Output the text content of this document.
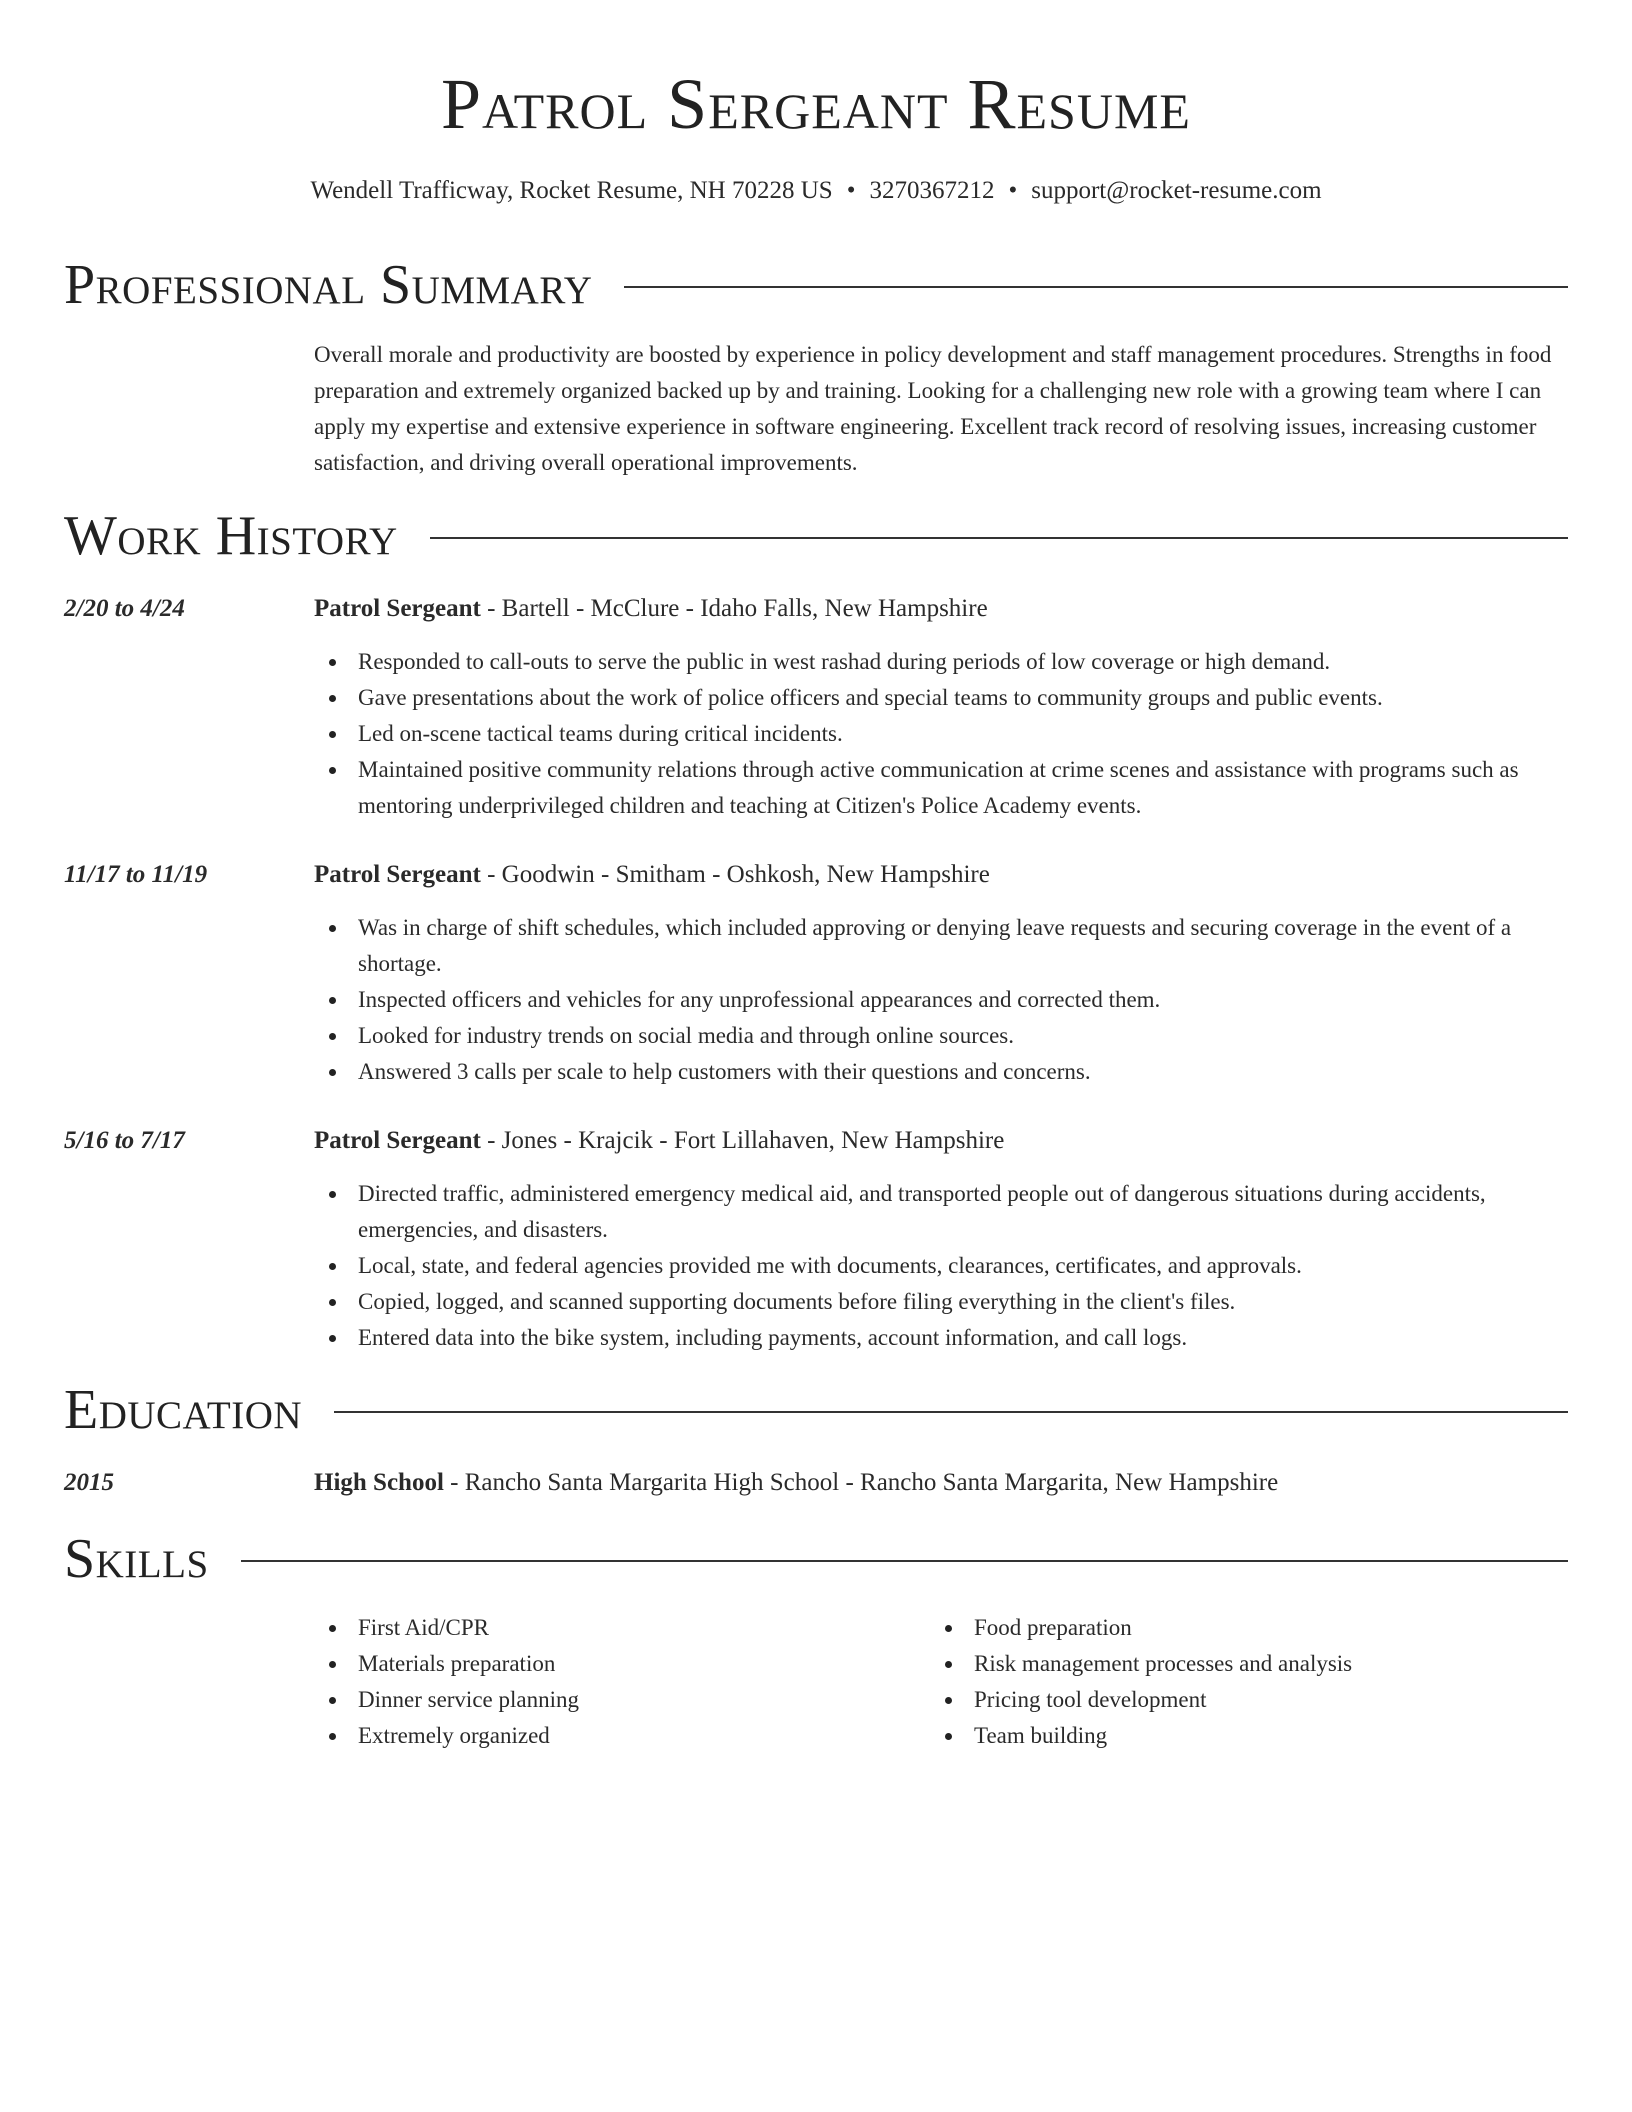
Patrol Sergeant Resume
Wendell Trafficway, Rocket Resume, NH 70228 US • 3270367212 • support@rocket-resume.com
Professional Summary

Overall morale and productivity are boosted by experience in policy development and staff management procedures. Strengths in food preparation and extremely organized backed up by and training. Looking for a challenging new role with a growing team where I can apply my expertise and extensive experience in software engineering. Excellent track record of resolving issues, increasing customer satisfaction, and driving overall operational improvements.

Work History
2/20 to 4/24	Patrol Sergeant - Bartell - McClure - Idaho Falls, New Hampshire
Responded to call-outs to serve the public in west rashad during periods of low coverage or high demand.
Gave presentations about the work of police officers and special teams to community groups and public events.
Led on-scene tactical teams during critical incidents.
Maintained positive community relations through active communication at crime scenes and assistance with programs such as mentoring underprivileged children and teaching at Citizen's Police Academy events.
11/17 to 11/19	Patrol Sergeant - Goodwin - Smitham - Oshkosh, New Hampshire
Was in charge of shift schedules, which included approving or denying leave requests and securing coverage in the event of a shortage.
Inspected officers and vehicles for any unprofessional appearances and corrected them.
Looked for industry trends on social media and through online sources.
Answered 3 calls per scale to help customers with their questions and concerns.
5/16 to 7/17	Patrol Sergeant - Jones - Krajcik - Fort Lillahaven, New Hampshire
Directed traffic, administered emergency medical aid, and transported people out of dangerous situations during accidents, emergencies, and disasters.
Local, state, and federal agencies provided me with documents, clearances, certificates, and approvals.
Copied, logged, and scanned supporting documents before filing everything in the client's files.
Entered data into the bike system, including payments, account information, and call logs.
Education
2015	High School - Rancho Santa Margarita High School - Rancho Santa Margarita, New Hampshire
Skills
First Aid/CPR
Materials preparation
Dinner service planning
Extremely organized
Food preparation
Risk management processes and analysis
Pricing tool development
Team building
